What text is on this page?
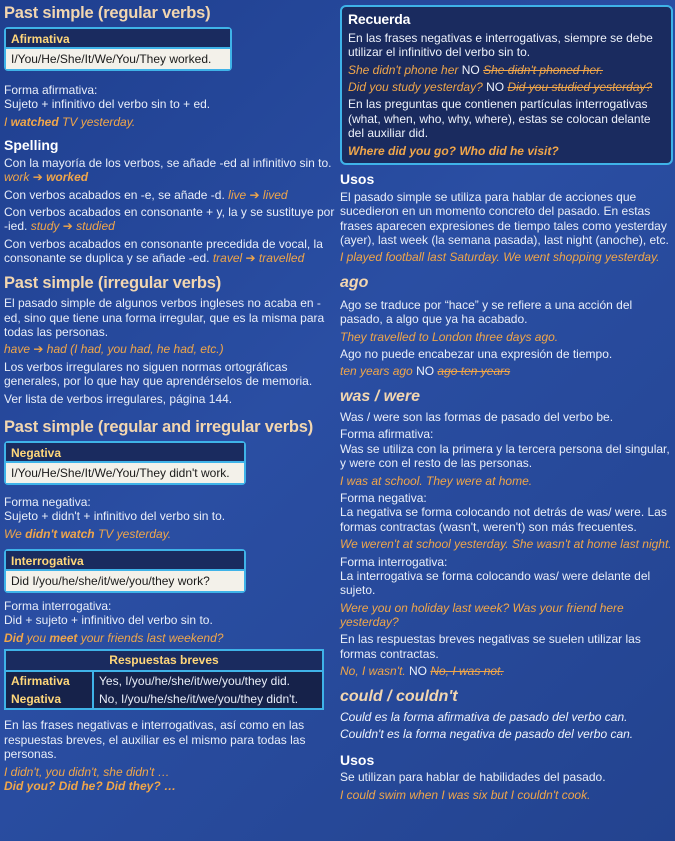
Past simple (regular verbs)
Afirmativa
I/You/He/She/It/We/You/They worked.

Forma afirmativa:

Sujeto + infinitivo del verbo sin to + ed.

I watched TV yesterday.

Spelling

Con la mayoría de los verbos, se añade -ed al infinitivo sin to.

work ➔ worked

Con verbos acabados en -e, se añade -d. live ➔ lived

Con verbos acabados en consonante + y, la y se sustituye por -ied. study ➔ studied

Con verbos acabados en consonante precedida de vocal, la consonante se duplica y se añade -ed. travel ➔ travelled

Past simple (irregular verbs)

El pasado simple de algunos verbos ingleses no acaba en -ed, sino que tiene una forma irregular, que es la misma para todas las personas.

have ➔ had (I had, you had, he had, etc.)

Los verbos irregulares no siguen normas ortográficas generales, por lo que hay que aprendérselos de memoria.

Ver lista de verbos irregulares, página 144.

Past simple (regular and irregular verbs)
Negativa
I/You/He/She/It/We/You/They didn't work.

Forma negativa:

Sujeto + didn't + infinitivo del verbo sin to.

We didn't watch TV yesterday.

Interrogativa
Did I/you/he/she/it/we/you/they work?

Forma interrogativa:

Did + sujeto + infinitivo del verbo sin to.

Did you meet your friends last weekend?

Respuestas breves	
Afirmativa	Yes, I/you/he/she/it/we/you/they did.
Negativa	No, I/you/he/she/it/we/you/they didn't.

En las frases negativas e interrogativas, así como en las respuestas breves, el auxiliar es el mismo para todas las personas.

I didn't, you didn't, she didn't …

Did you? Did he? Did they? …

Recuerda

En las frases negativas e interrogativas, siempre se debe utilizar el infinitivo del verbo sin to.

She didn't phone her NO She didn't phoned her.

Did you study yesterday? NO Did you studied yesterday?

En las preguntas que contienen partículas interrogativas (what, when, who, why, where), estas se colocan delante del auxiliar did.

Where did you go? Who did he visit?

Usos

El pasado simple se utiliza para hablar de acciones que sucedieron en un momento concreto del pasado. En estas frases aparecen expresiones de tiempo tales como yesterday (ayer), last week (la semana pasada), last night (anoche), etc.

I played football last Saturday. We went shopping yesterday.

ago

Ago se traduce por “hace” y se refiere a una acción del pasado, a algo que ya ha acabado.

They travelled to London three days ago.

Ago no puede encabezar una expresión de tiempo.

ten years ago NO ago ten years

was / were

Was / were son las formas de pasado del verbo be.

Forma afirmativa:

Was se utiliza con la primera y la tercera persona del singular, y were con el resto de las personas.

I was at school. They were at home.

Forma negativa:

La negativa se forma colocando not detrás de was/ were. Las formas contractas (wasn't, weren't) son más frecuentes.

We weren't at school yesterday. She wasn't at home last night.

Forma interrogativa:

La interrogativa se forma colocando was/ were delante del sujeto.

Were you on holiday last week? Was your friend here yesterday?

En las respuestas breves negativas se suelen utilizar las formas contractas.

No, I wasn't. NO No, I was not.

could / couldn't

Could es la forma afirmativa de pasado del verbo can.

Couldn't es la forma negativa de pasado del verbo can.

Usos

Se utilizan para hablar de habilidades del pasado.

I could swim when I was six but I couldn't cook.
